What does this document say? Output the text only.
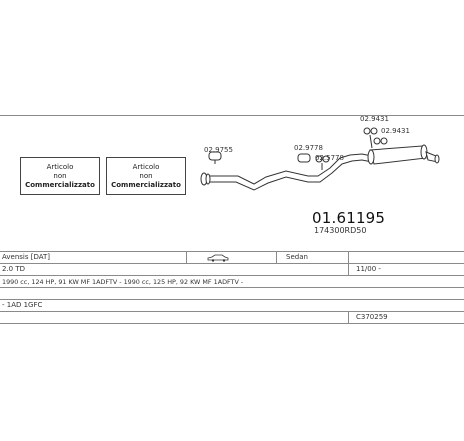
Articolo
non
Commercializzato
Articolo
non
Commercializzato
02.9755	02.9778
02.5778
02.9431
02.9431
01.61195
174300RD50
Avensis [DAT]	Sedan
2.0 TD	11/00 -
1990 cc, 124 HP, 91 KW MF 1ADFTV - 1990 cc, 125 HP, 92 KW MF 1ADFTV -
- 1AD 1GFC
C370259
